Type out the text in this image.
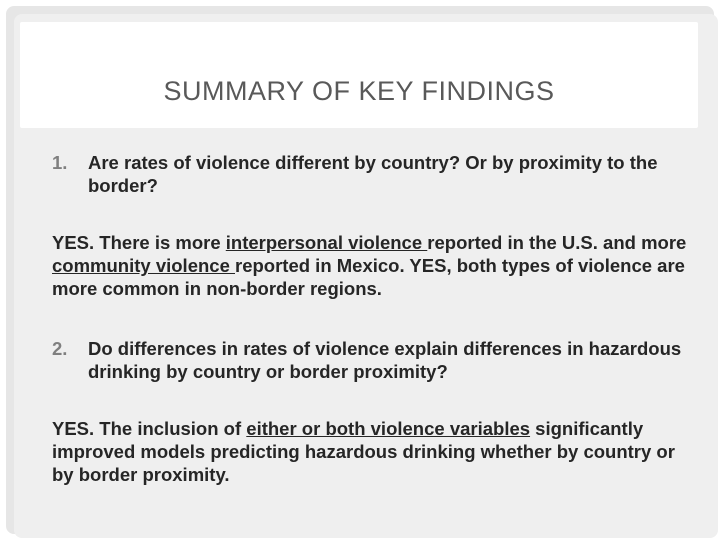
SUMMARY OF KEY FINDINGS

1. Are rates of violence different by country? Or by proximity to the border?

YES. There is more interpersonal violence reported in the U.S. and more community violence reported in Mexico. YES, both types of violence are more common in non-border regions.

2. Do differences in rates of violence explain differences in hazardous drinking by country or border proximity?

YES. The inclusion of either or both violence variables significantly improved models predicting hazardous drinking whether by country or by border proximity.
